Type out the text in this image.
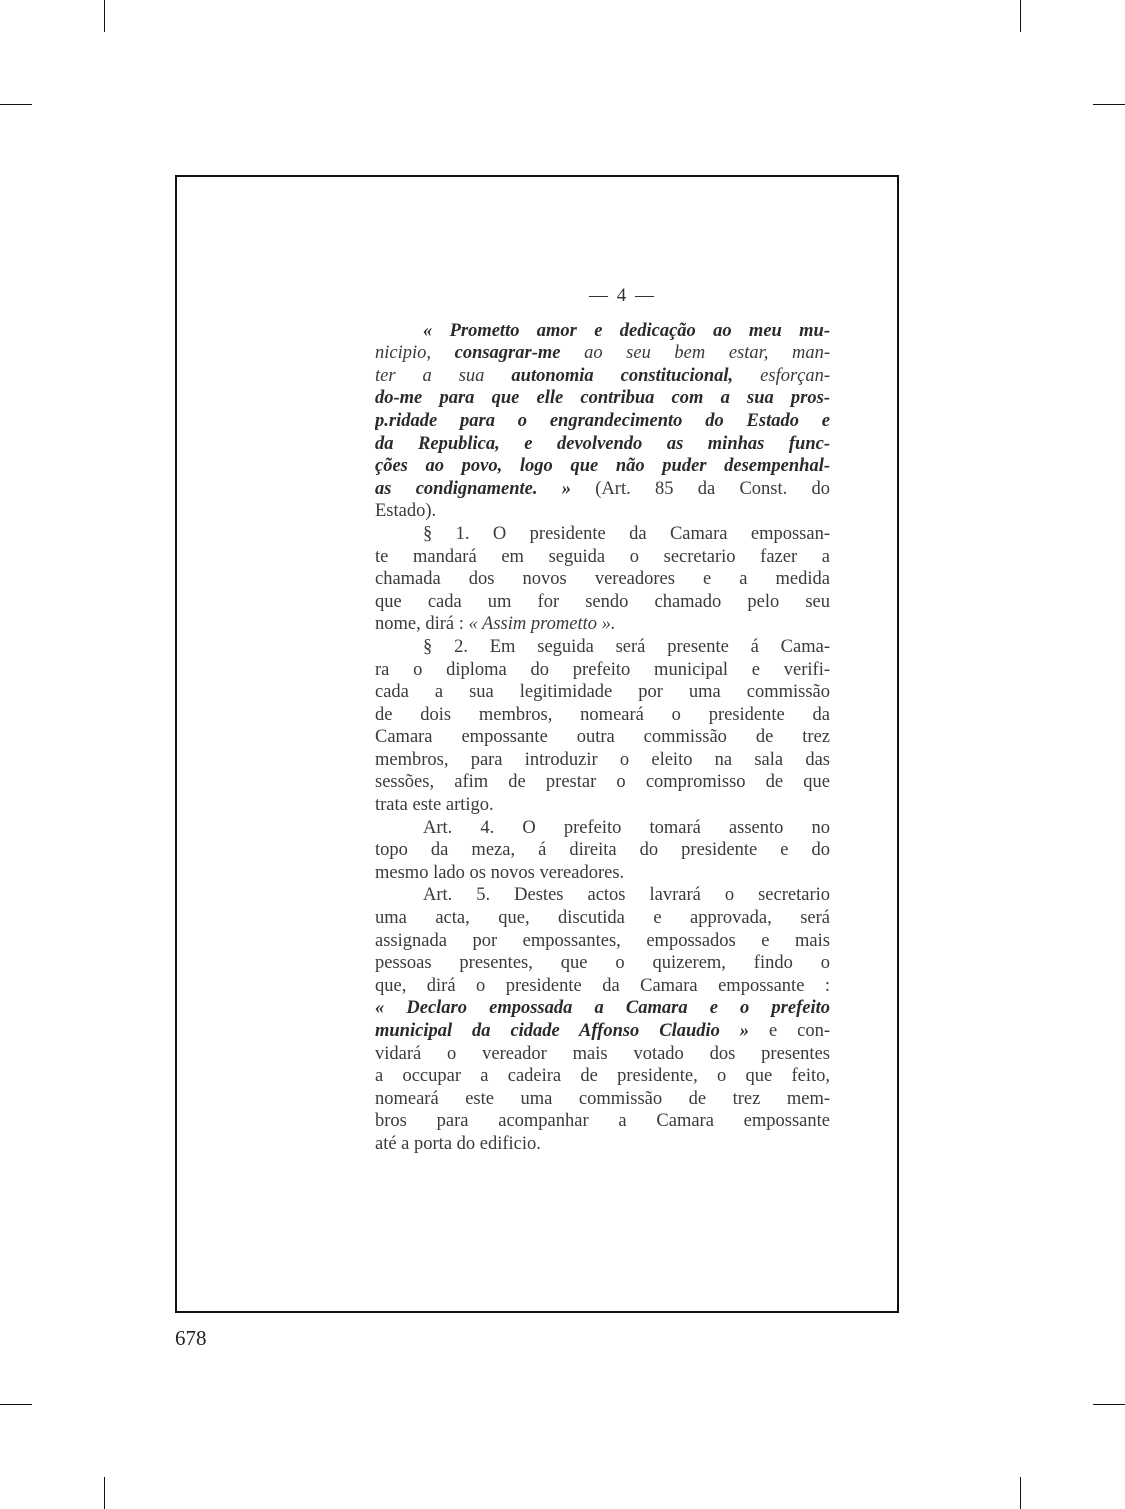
— 4 —
« Prometto amor e dedicação ao meu mu-
nicipio, consagrar-me ao seu bem estar, man-
ter a sua autonomia constitucional, esforçan-
do-me para que elle contribua com a sua pros-
p.ridade para o engrandecimento do Estado e
da Republica, e devolvendo as minhas func-
ções ao povo, logo que não puder desempenhal-
as condignamente. » (Art. 85 da Const. do
Estado).
§ 1. O presidente da Camara empossan-
te mandará em seguida o secretario fazer a
chamada dos novos vereadores e a medida
que cada um for sendo chamado pelo seu
nome, dirá : « Assim prometto ».
§ 2. Em seguida será presente á Cama-
ra o diploma do prefeito municipal e verifi-
cada a sua legitimidade por uma commissão
de dois membros, nomeará o presidente da
Camara empossante outra commissão de trez
membros, para introduzir o eleito na sala das
sessões, afim de prestar o compromisso de que
trata este artigo.
Art. 4. O prefeito tomará assento no
topo da meza, á direita do presidente e do
mesmo lado os novos vereadores.
Art. 5. Destes actos lavrará o secretario
uma acta, que, discutida e approvada, será
assignada por empossantes, empossados e mais
pessoas presentes, que o quizerem, findo o
que, dirá o presidente da Camara empossante :
« Declaro empossada a Camara e o prefeito
municipal da cidade Affonso Claudio » e con-
vidará o vereador mais votado dos presentes
a occupar a cadeira de presidente, o que feito,
nomeará este uma commissão de trez mem-
bros para acompanhar a Camara empossante
até a porta do edificio.
678
